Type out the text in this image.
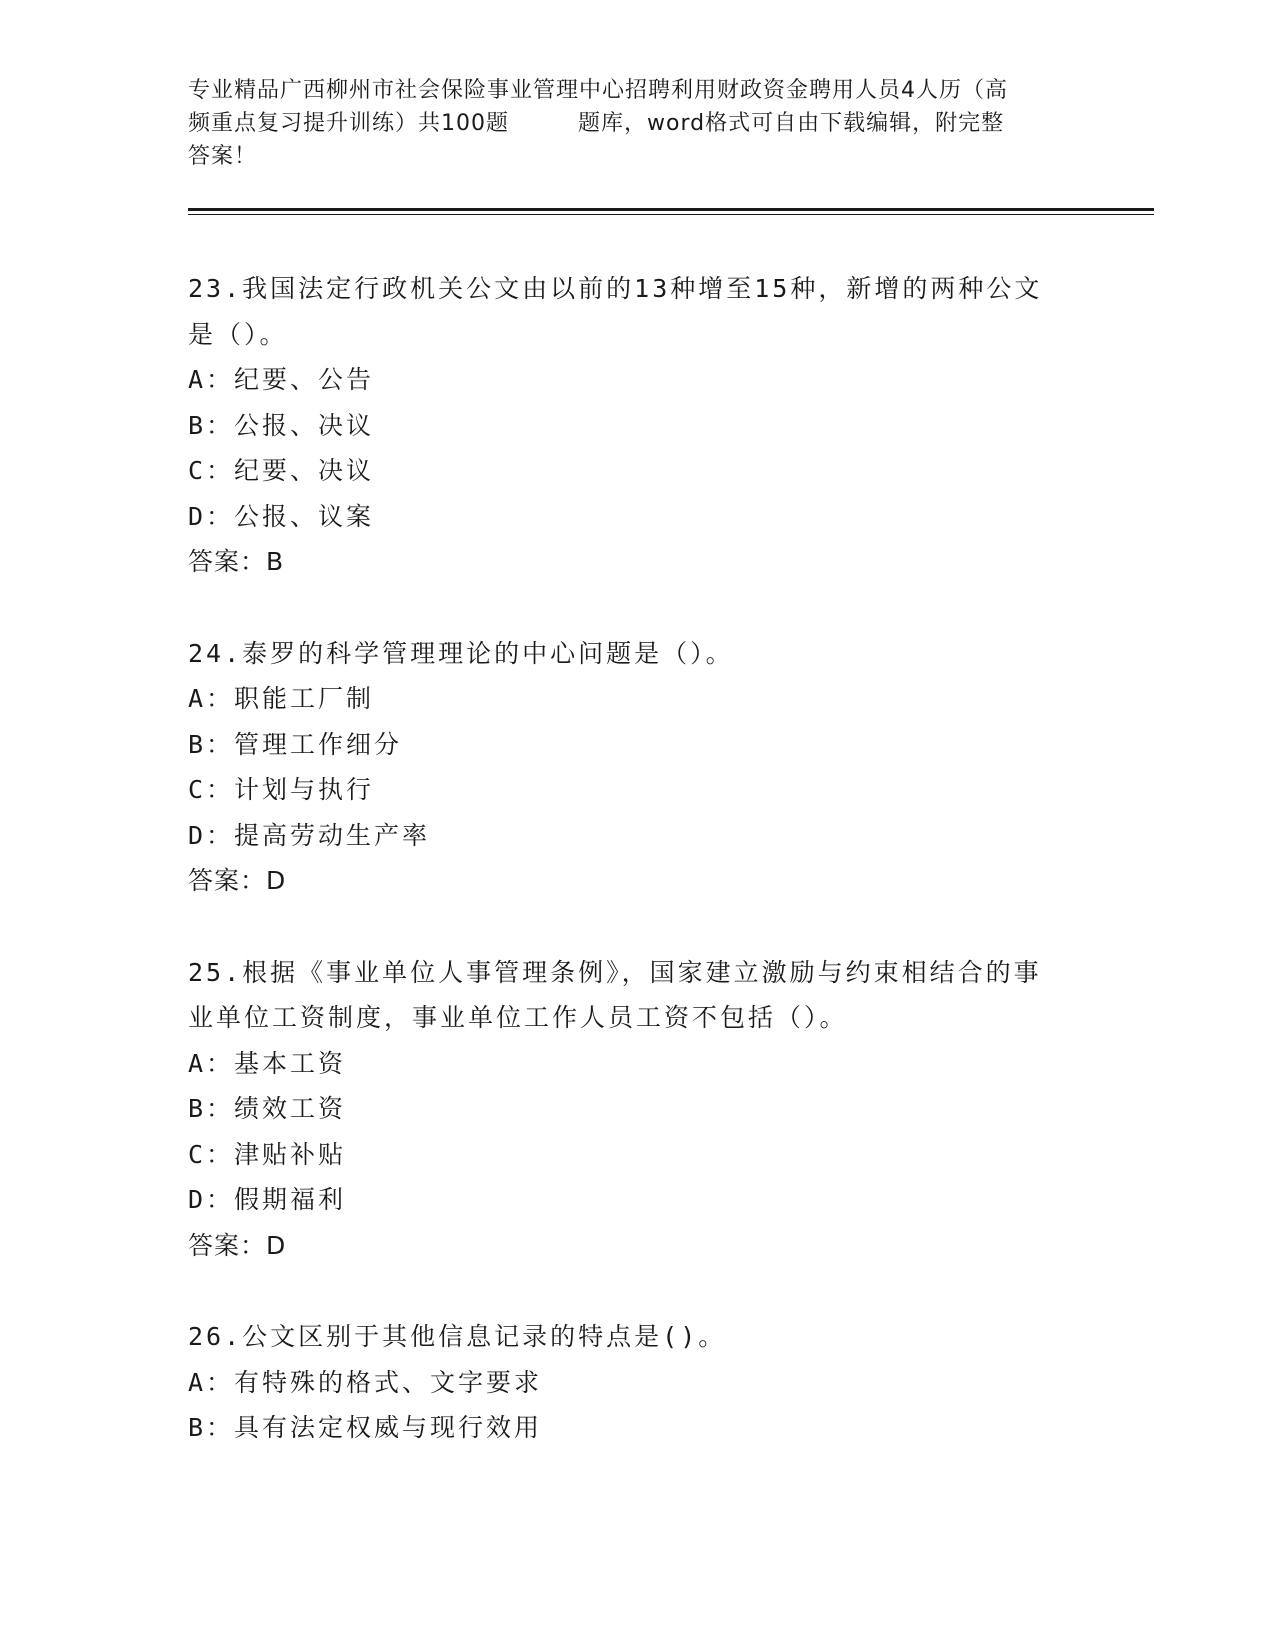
专业精品广西柳州市社会保险事业管理中心招聘利用财政资金聘用人员4人历（高
频重点复习提升训练）共100题　　　题库，word格式可自由下载编辑，附完整
答案！
23.我国法定行政机关公文由以前的13种增至15种，新增的两种公文
是（）。
A：纪要、公告
B：公报、决议
C：纪要、决议
D：公报、议案
答案：B
24.泰罗的科学管理理论的中心问题是（）。
A：职能工厂制
B：管理工作细分
C：计划与执行
D：提高劳动生产率
答案：D
25.根据《事业单位人事管理条例》，国家建立激励与约束相结合的事
业单位工资制度，事业单位工作人员工资不包括（）。
A：基本工资
B：绩效工资
C：津贴补贴
D：假期福利
答案：D
26.公文区别于其他信息记录的特点是()。
A：有特殊的格式、文字要求
B：具有法定权威与现行效用
